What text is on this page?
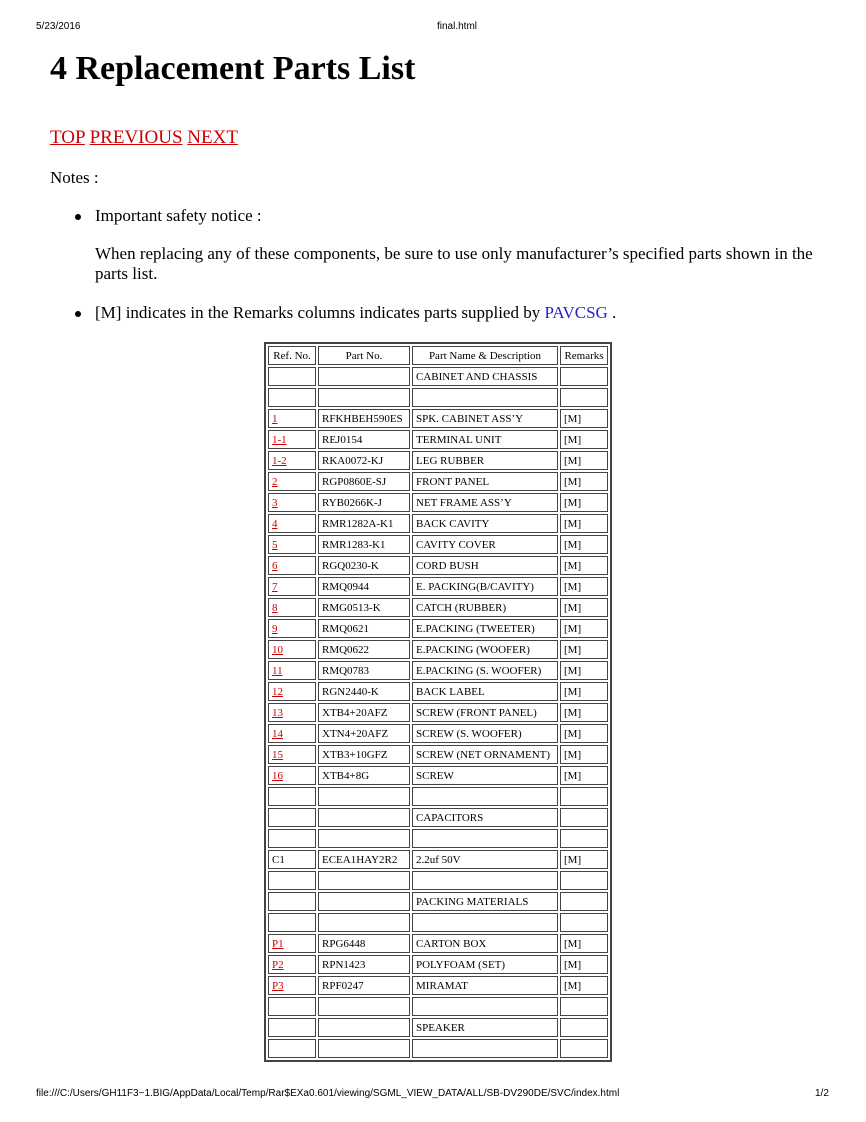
5/23/2016	final.html
4 Replacement Parts List
TOP PREVIOUS NEXT
Notes :
Important safety notice :
When replacing any of these components, be sure to use only manufacturer’s specified parts shown in the parts list.
[M] indicates in the Remarks columns indicates parts supplied by PAVCSG .
Ref. No.	Part No.	Part Name & Description	Remarks
		CABINET AND CHASSIS	

1	RFKHBEH590ES	SPK. CABINET ASS’Y	[M]
1-1	REJ0154	TERMINAL UNIT	[M]
1-2	RKA0072-KJ	LEG RUBBER	[M]
2	RGP0860E-SJ	FRONT PANEL	[M]
3	RYB0266K-J	NET FRAME ASS’Y	[M]
4	RMR1282A-K1	BACK CAVITY	[M]
5	RMR1283-K1	CAVITY COVER	[M]
6	RGQ0230-K	CORD BUSH	[M]
7	RMQ0944	E. PACKING(B/CAVITY)	[M]
8	RMG0513-K	CATCH (RUBBER)	[M]
9	RMQ0621	E.PACKING (TWEETER)	[M]
10	RMQ0622	E.PACKING (WOOFER)	[M]
11	RMQ0783	E.PACKING (S. WOOFER)	[M]
12	RGN2440-K	BACK LABEL	[M]
13	XTB4+20AFZ	SCREW (FRONT PANEL)	[M]
14	XTN4+20AFZ	SCREW (S. WOOFER)	[M]
15	XTB3+10GFZ	SCREW (NET ORNAMENT)	[M]
16	XTB4+8G	SCREW	[M]

		CAPACITORS	

C1	ECEA1HAY2R2	2.2uf 50V	[M]

		PACKING MATERIALS	

P1	RPG6448	CARTON BOX	[M]
P2	RPN1423	POLYFOAM (SET)	[M]
P3	RPF0247	MIRAMAT	[M]

		SPEAKER	

file:///C:/Users/GH11F3~1.BIG/AppData/Local/Temp/Rar$EXa0.601/viewing/SGML_VIEW_DATA/ALL/SB-DV290DE/SVC/index.html	1/2
